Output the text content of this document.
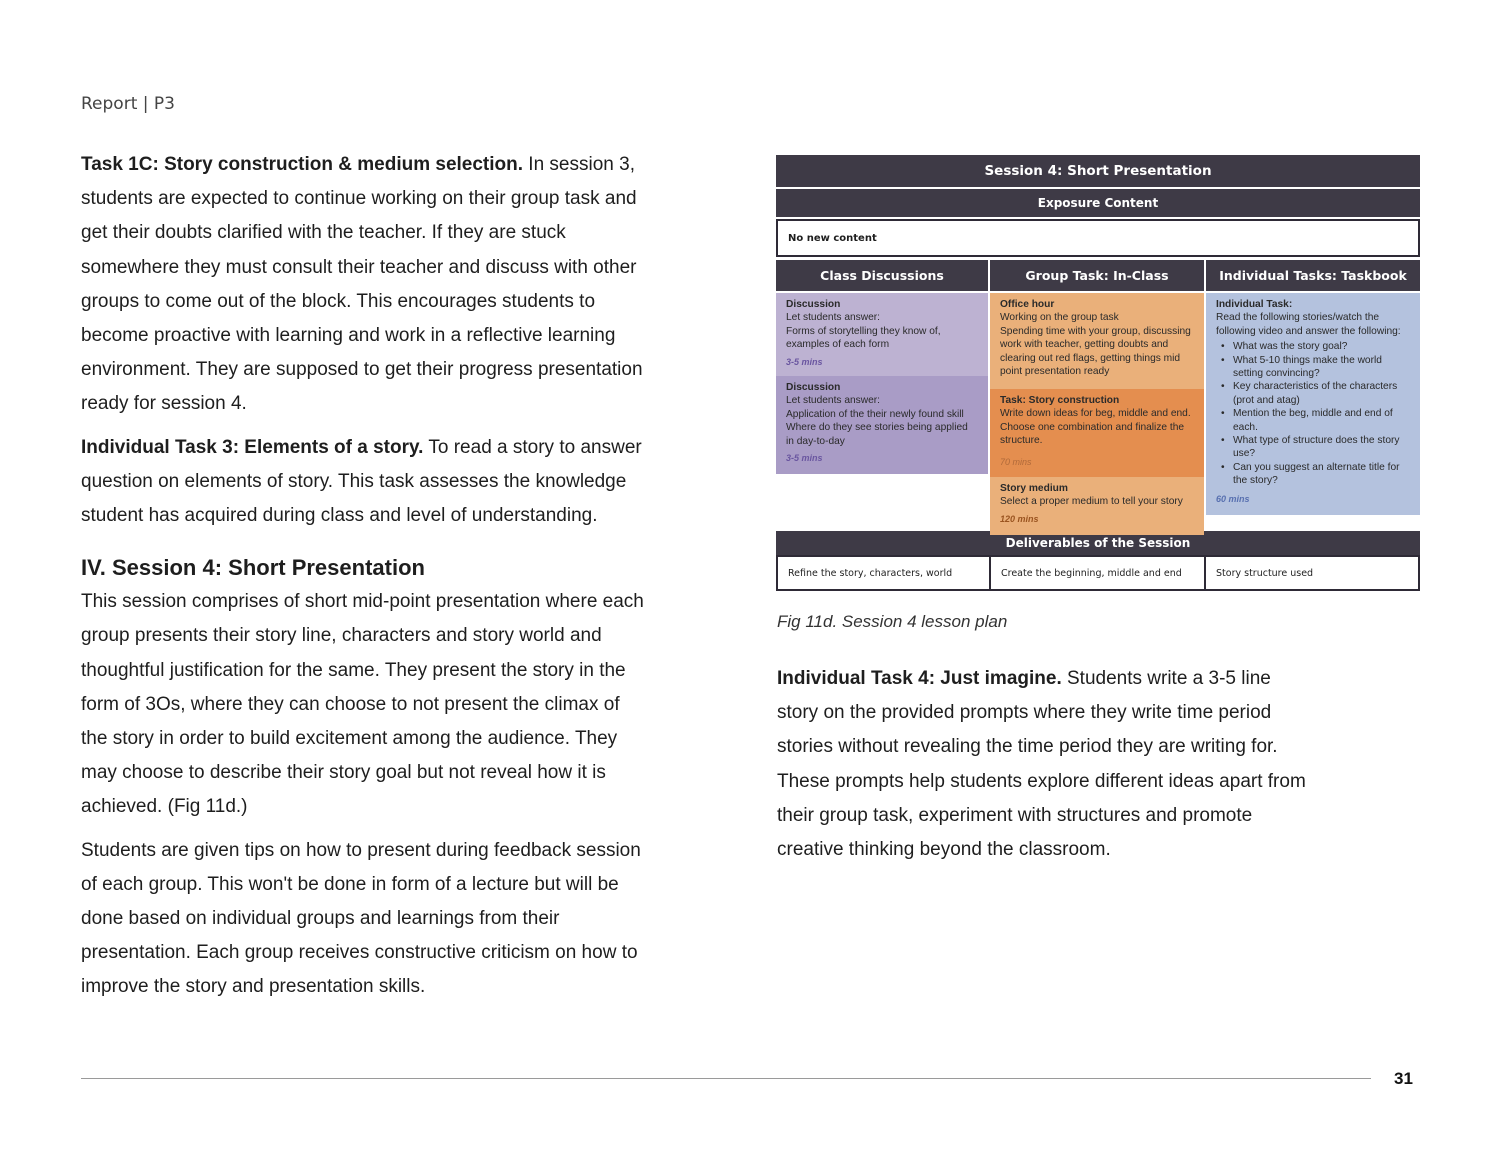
Report | P3

Task 1C: Story construction & medium selection. In session 3, students are expected to continue working on their group task and get their doubts clarified with the teacher. If they are stuck somewhere they must consult their teacher and discuss with other groups to come out of the block. This encourages students to become proactive with learning and work in a reflective learning environment. They are supposed to get their progress presentation ready for session 4.

Individual Task 3: Elements of a story. To read a story to answer question on elements of story. This task assesses the knowledge student has acquired during class and level of understanding.

IV. Session 4: Short Presentation

This session comprises of short mid-point presentation where each group presents their story line, characters and story world and thoughtful justification for the same. They present the story in the form of 3Os, where they can choose to not present the climax of the story in order to build excitement among the audience. They may choose to describe their story goal but not reveal how it is achieved. (Fig 11d.)

Students are given tips on how to present during feedback session of each group. This won't be done in form of a lecture but will be done based on individual groups and learnings from their presentation. Each group receives constructive criticism on how to improve the story and presentation skills.

Session 4: Short Presentation
Exposure Content
No new content
Class Discussions
Discussion
Let students answer:
Forms of storytelling they know of, examples of each form
3-5 mins
Discussion
Let students answer:
Application of the their newly found skill Where do they see stories being applied in day-to-day
3-5 mins
Group Task: In-Class
Office hour
Working on the group task
Spending time with your group, discussing work with teacher, getting doubts and clearing out red flags, getting things mid point presentation ready
Task: Story construction
Write down ideas for beg, middle and end. Choose one combination and finalize the structure.
70 mins
Story medium
Select a proper medium to tell your story
120 mins
Individual Tasks: Taskbook
Individual Task:
Read the following stories/watch the following video and answer the following:
• What was the story goal?
• What 5-10 things make the world setting convincing?
• Key characteristics of the characters (prot and atag)
• Mention the beg, middle and end of each.
• What type of structure does the story use?
• Can you suggest an alternate title for the story?
60 mins
Deliverables of the Session
Refine the story, characters, world	Create the beginning, middle and end	Story structure used
Fig 11d. Session 4 lesson plan

Individual Task 4: Just imagine. Students write a 3-5 line story on the provided prompts where they write time period stories without revealing the time period they are writing for. These prompts help students explore different ideas apart from their group task, experiment with structures and promote creative thinking beyond the classroom.

31
